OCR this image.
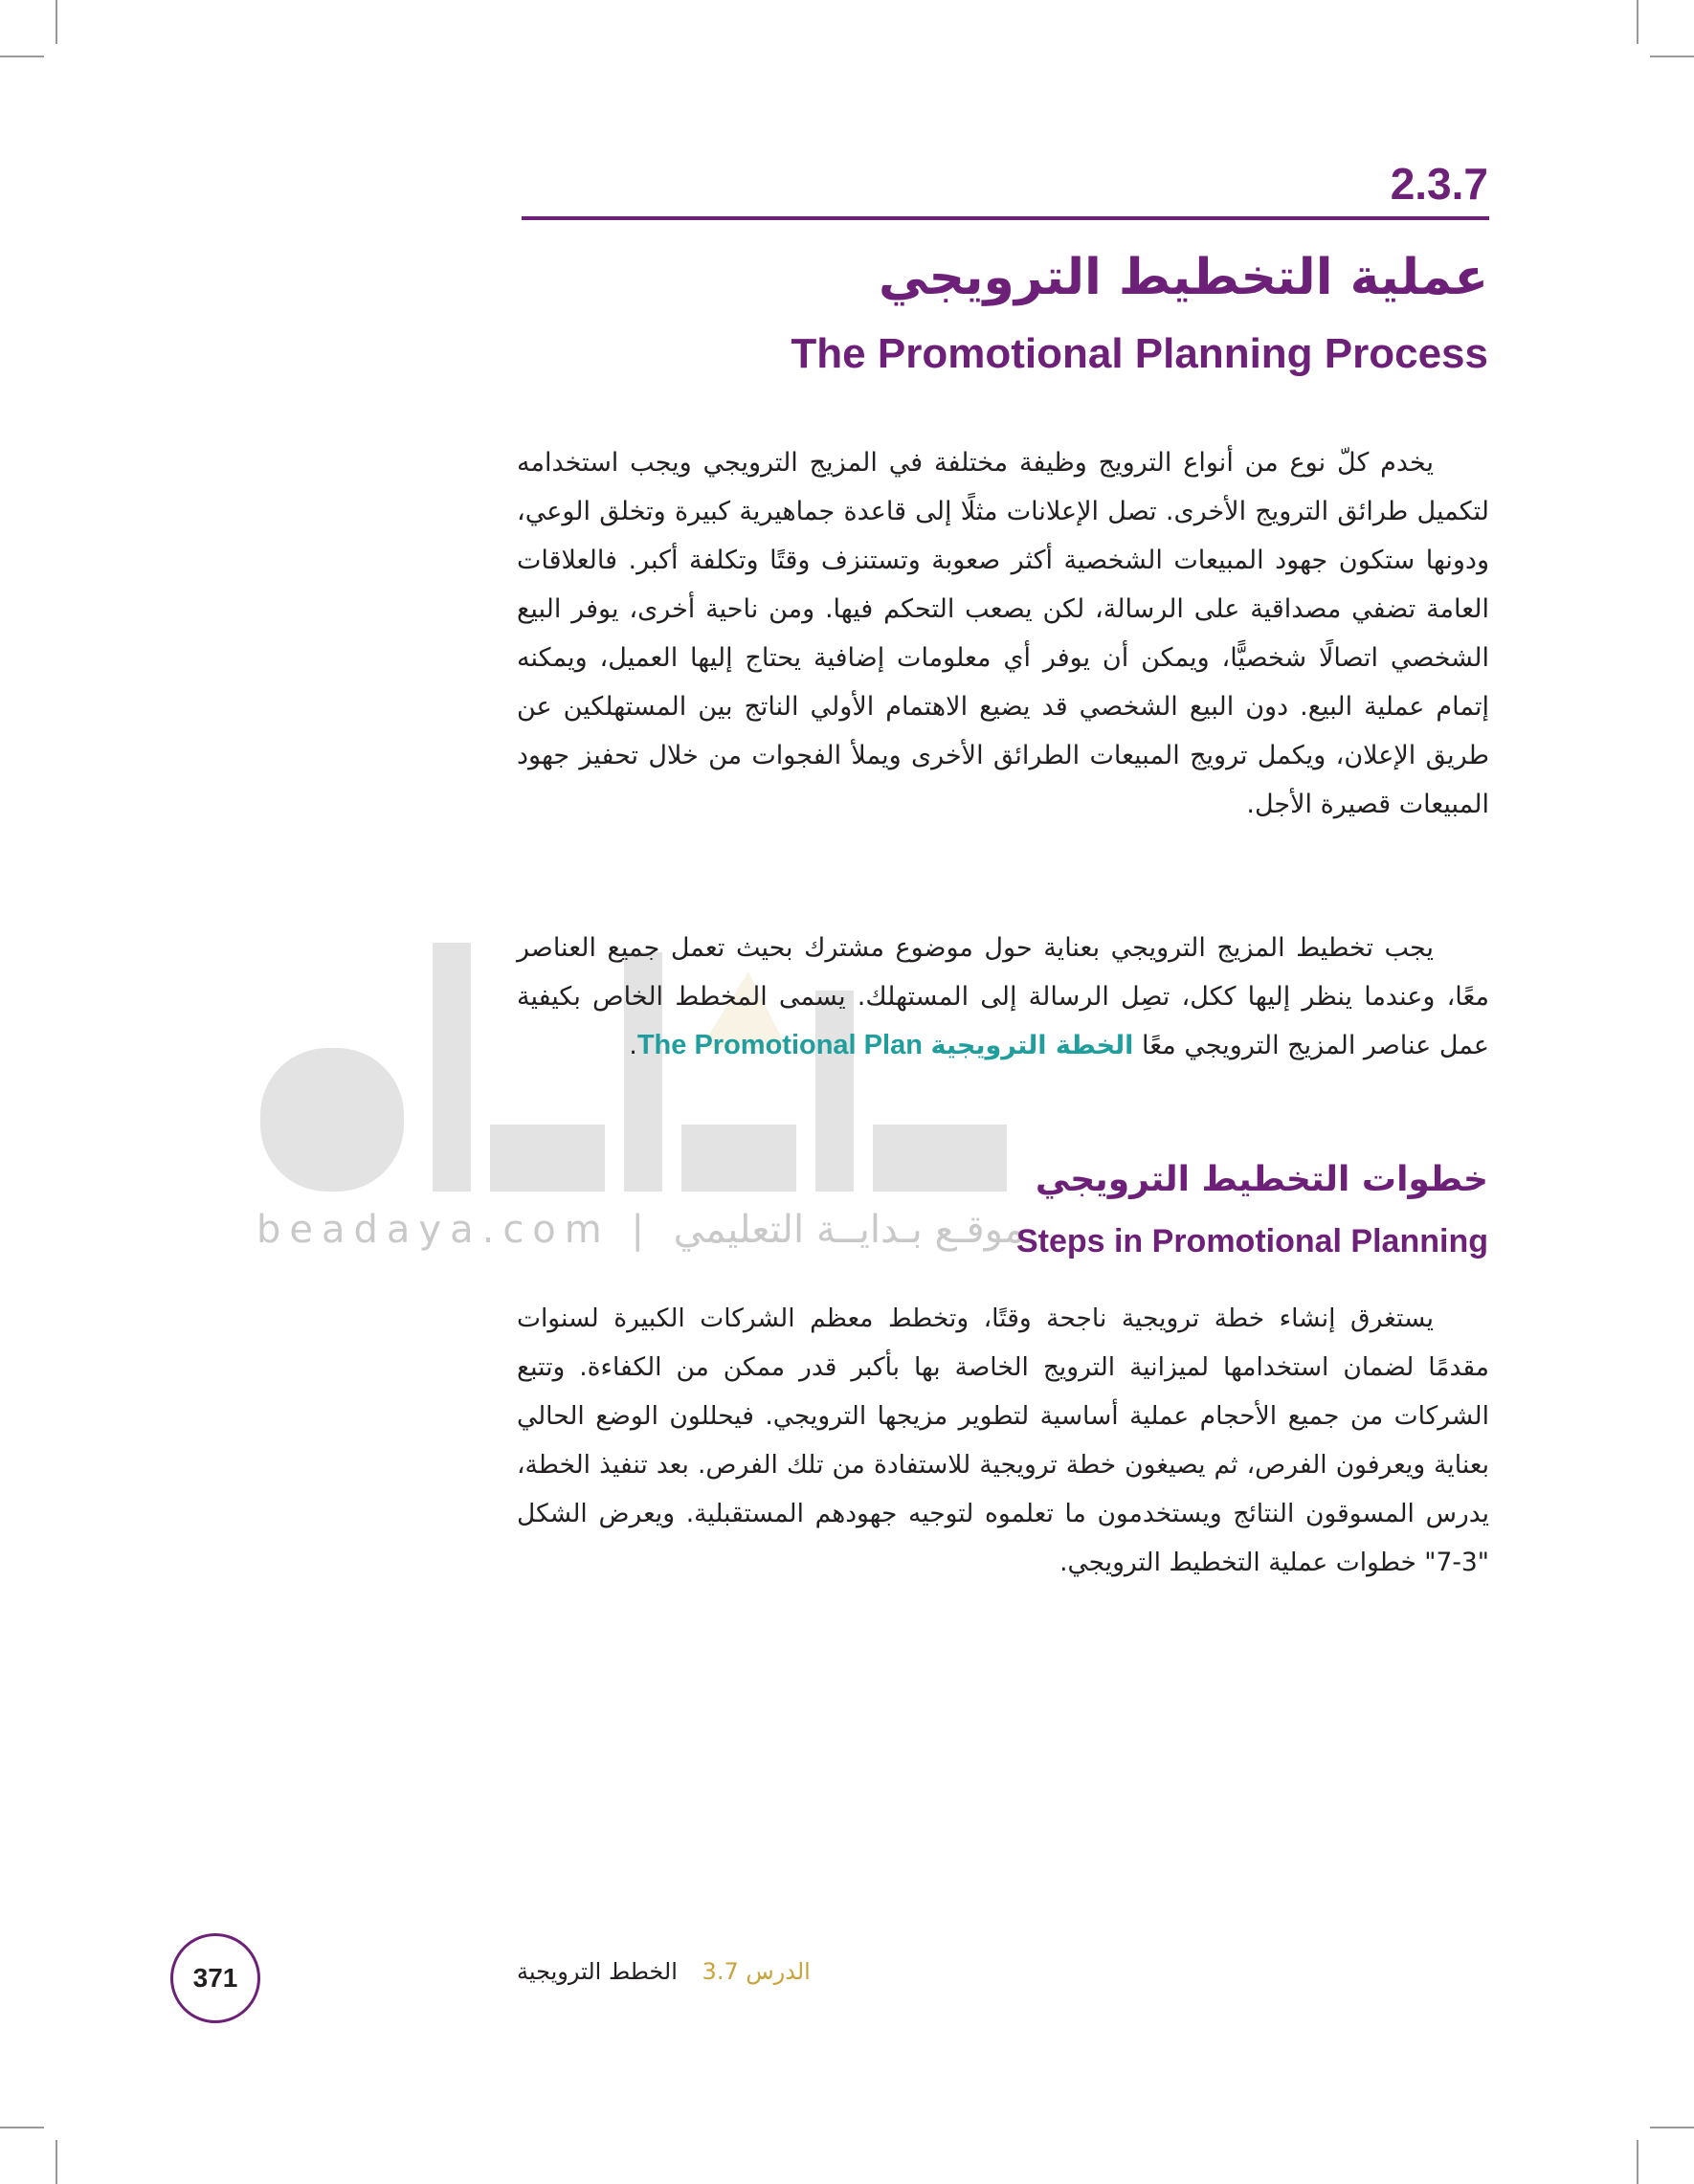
beadaya.com | موقـع بـدايــة التعليمي
2.3.7
عملية التخطيط الترويجي
The Promotional Planning Process

يخدم كلّ نوع من أنواع الترويج وظيفة مختلفة في المزيج الترويجي ويجب استخدامه لتكميل طرائق الترويج الأخرى. تصل الإعلانات مثلًا إلى قاعدة جماهيرية كبيرة وتخلق الوعي، ودونها ستكون جهود المبيعات الشخصية أكثر صعوبة وتستنزف وقتًا وتكلفة أكبر. فالعلاقات العامة تضفي مصداقية على الرسالة، لكن يصعب التحكم فيها. ومن ناحية أخرى، يوفر البيع الشخصي اتصالًا شخصيًّا، ويمكن أن يوفر أي معلومات إضافية يحتاج إليها العميل، ويمكنه إتمام عملية البيع. دون البيع الشخصي قد يضيع الاهتمام الأولي الناتج بين المستهلكين عن طريق الإعلان، ويكمل ترويج المبيعات الطرائق الأخرى ويملأ الفجوات من خلال تحفيز جهود المبيعات قصيرة الأجل.

يجب تخطيط المزيج الترويجي بعناية حول موضوع مشترك بحيث تعمل جميع العناصر معًا، وعندما ينظر إليها ككل، تصِل الرسالة إلى المستهلك. يسمى المخطط الخاص بكيفية عمل عناصر المزيج الترويجي معًا الخطة الترويجية The Promotional Plan.

خطوات التخطيط الترويجي
Steps in Promotional Planning

يستغرق إنشاء خطة ترويجية ناجحة وقتًا، وتخطط معظم الشركات الكبيرة لسنوات مقدمًا لضمان استخدامها لميزانية الترويج الخاصة بها بأكبر قدر ممكن من الكفاءة. وتتبع الشركات من جميع الأحجام عملية أساسية لتطوير مزيجها الترويجي. فيحللون الوضع الحالي بعناية ويعرفون الفرص، ثم يصيغون خطة ترويجية للاستفادة من تلك الفرص. بعد تنفيذ الخطة، يدرس المسوقون النتائج ويستخدمون ما تعلموه لتوجيه جهودهم المستقبلية. ويعرض الشكل "3-7" خطوات عملية التخطيط الترويجي.

371	الدرس 3.7 الخطط الترويجية
